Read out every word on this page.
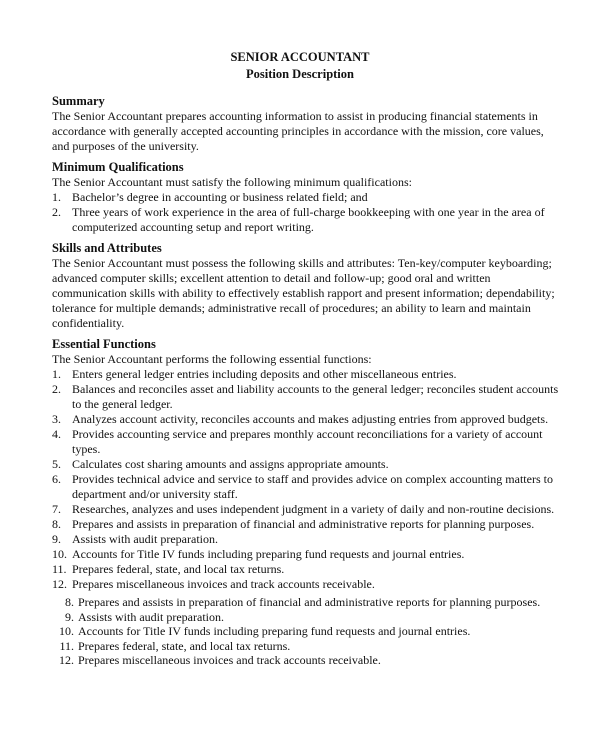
SENIOR ACCOUNTANT
Position Description

Summary

The Senior Accountant prepares accounting information to assist in producing financial statements in accordance with generally accepted accounting principles in accordance with the mission, core values, and purposes of the university.

Minimum Qualifications

The Senior Accountant must satisfy the following minimum qualifications:

1. Bachelor’s degree in accounting or business related field; and
2. Three years of work experience in the area of full-charge bookkeeping with one year in the area of computerized accounting setup and report writing.

Skills and Attributes

The Senior Accountant must possess the following skills and attributes: Ten-key/computer keyboarding; advanced computer skills; excellent attention to detail and follow-up; good oral and written communication skills with ability to effectively establish rapport and present information; dependability; tolerance for multiple demands; administrative recall of procedures; an ability to learn and maintain confidentiality.

Essential Functions

The Senior Accountant performs the following essential functions:

1. Enters general ledger entries including deposits and other miscellaneous entries.
2. Balances and reconciles asset and liability accounts to the general ledger; reconciles student accounts to the general ledger.
3. Analyzes account activity, reconciles accounts and makes adjusting entries from approved budgets.
4. Provides accounting service and prepares monthly account reconciliations for a variety of account types.
5. Calculates cost sharing amounts and assigns appropriate amounts.
6. Provides technical advice and service to staff and provides advice on complex accounting matters to department and/or university staff.
7. Researches, analyzes and uses independent judgment in a variety of daily and non-routine decisions.
8. Prepares and assists in preparation of financial and administrative reports for planning purposes.
9. Assists with audit preparation.
10. Accounts for Title IV funds including preparing fund requests and journal entries.
11. Prepares federal, state, and local tax returns.
12. Prepares miscellaneous invoices and track accounts receivable.
8. Prepares and assists in preparation of financial and administrative reports for planning purposes.
9. Assists with audit preparation.
10. Accounts for Title IV funds including preparing fund requests and journal entries.
11. Prepares federal, state, and local tax returns.
12. Prepares miscellaneous invoices and track accounts receivable.
